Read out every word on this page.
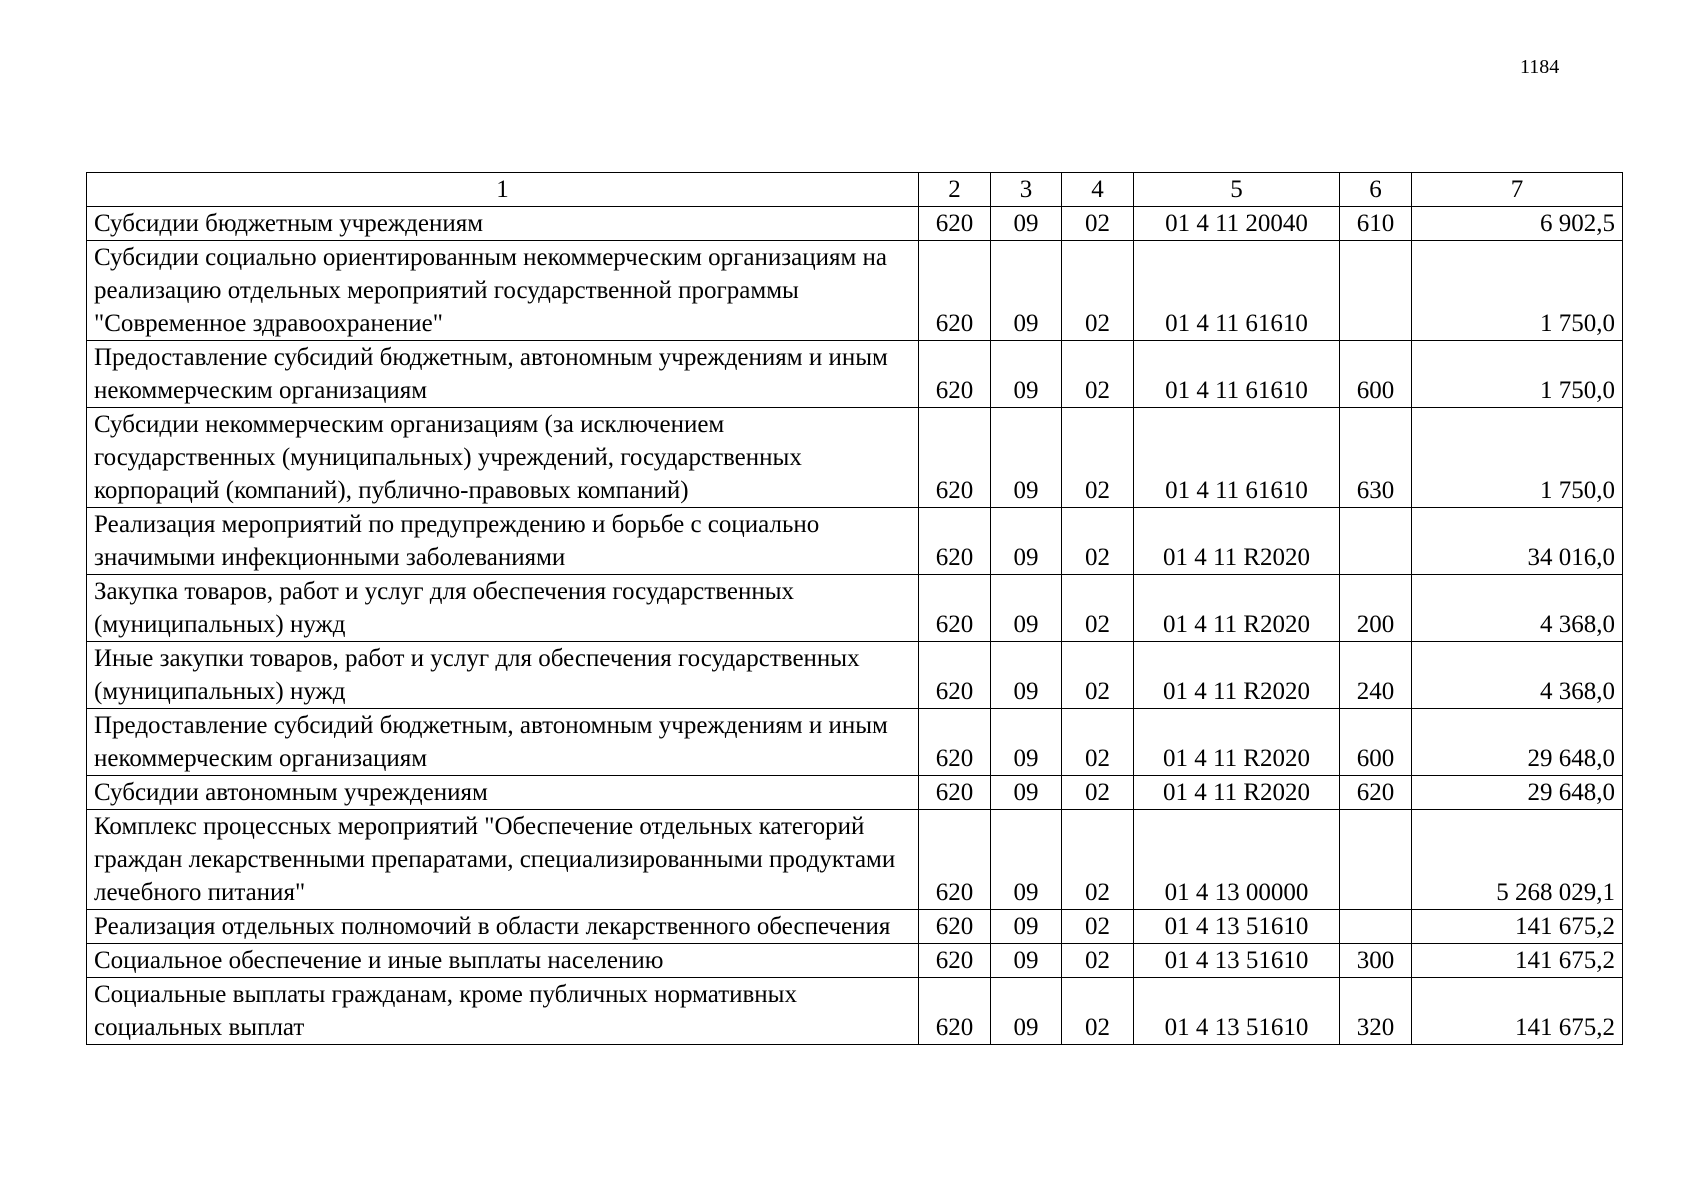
1184
1	2	3	4	5	6	7
Субсидии бюджетным учреждениям	620	09	02	01 4 11 20040	610	6 902,5
Субсидии социально ориентированным некоммерческим организациям на реализацию отдельных мероприятий государственной программы "Современное здравоохранение"	620	09	02	01 4 11 61610		1 750,0
Предоставление субсидий бюджетным, автономным учреждениям и иным некоммерческим организациям	620	09	02	01 4 11 61610	600	1 750,0
Субсидии некоммерческим организациям (за исключением государственных (муниципальных) учреждений, государственных корпораций (компаний), публично-правовых компаний)	620	09	02	01 4 11 61610	630	1 750,0
Реализация мероприятий по предупреждению и борьбе с социально значимыми инфекционными заболеваниями	620	09	02	01 4 11 R2020		34 016,0
Закупка товаров, работ и услуг для обеспечения государственных (муниципальных) нужд	620	09	02	01 4 11 R2020	200	4 368,0
Иные закупки товаров, работ и услуг для обеспечения государственных (муниципальных) нужд	620	09	02	01 4 11 R2020	240	4 368,0
Предоставление субсидий бюджетным, автономным учреждениям и иным некоммерческим организациям	620	09	02	01 4 11 R2020	600	29 648,0
Субсидии автономным учреждениям	620	09	02	01 4 11 R2020	620	29 648,0
Комплекс процессных мероприятий "Обеспечение отдельных категорий граждан лекарственными препаратами, специализированными продуктами лечебного питания"	620	09	02	01 4 13 00000		5 268 029,1
Реализация отдельных полномочий в области лекарственного обеспечения	620	09	02	01 4 13 51610		141 675,2
Социальное обеспечение и иные выплаты населению	620	09	02	01 4 13 51610	300	141 675,2
Социальные выплаты гражданам, кроме публичных нормативных социальных выплат	620	09	02	01 4 13 51610	320	141 675,2
